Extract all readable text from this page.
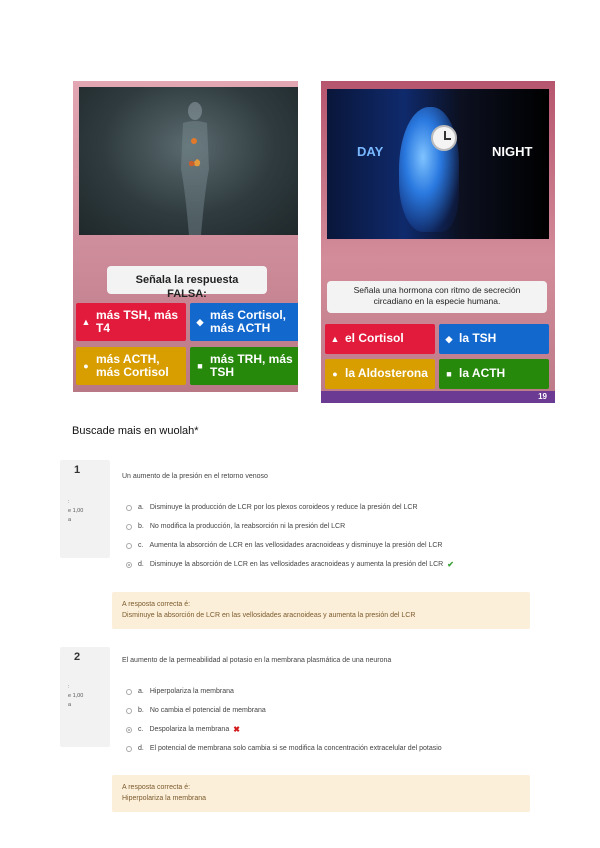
Señala la respuesta FALSA:
▲
más TSH, más T4	◆ más Cortisol, más ACTH
●
más ACTH, más Cortisol	■
más TRH, más TSH
DAY	NIGHT
Señala una hormona con ritmo de secreción circadiano en la especie humana.
▲ el Cortisol	◆ la TSH
● la Aldosterona	■ la ACTH
19
Buscade mais en wuolah*
1
:
e 1,00
a
Un aumento de la presión en el retorno venoso
a. Disminuye la producción de LCR por los plexos coroideos y reduce la presión del LCR
b. No modifica la producción, la reabsorción ni la presión del LCR
c. Aumenta la absorción de LCR en las vellosidades aracnoideas y disminuye la presión del LCR
d. Disminuye la absorción de LCR en las vellosidades aracnoideas y aumenta la presión del LCR ✔
A resposta correcta é:
Disminuye la absorción de LCR en las vellosidades aracnoideas y aumenta la presión del LCR
2
:
e 1,00
a
El aumento de la permeabilidad al potasio en la membrana plasmática de una neurona
a. Hiperpolariza la membrana
b. No cambia el potencial de membrana
c. Despolariza la membrana ✖
d. El potencial de membrana solo cambia si se modifica la concentración extracelular del potasio
A resposta correcta é:
Hiperpolariza la membrana
